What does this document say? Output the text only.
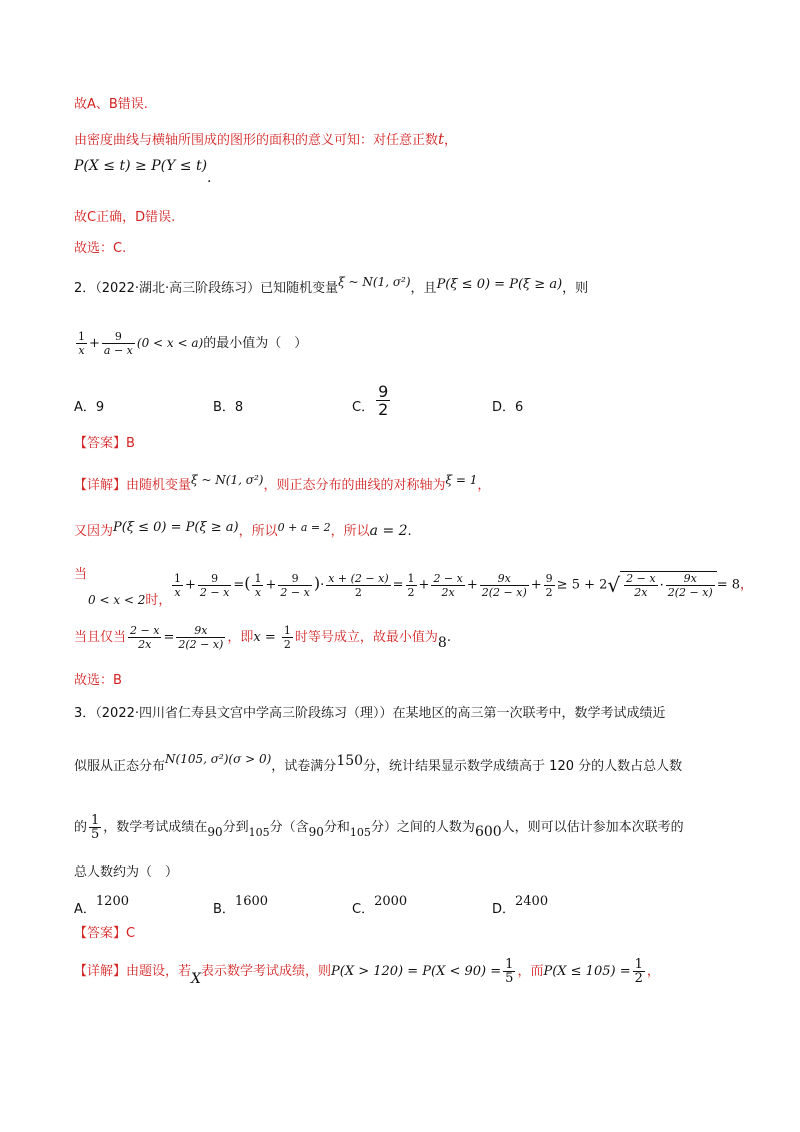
故A、B错误.
由密度曲线与横轴所围成的图形的面积的意义可知：对任意正数t，
P(X ≤ t) ≥ P(Y ≤ t).
故C正确，D错误.
故选：C.
2．（2022·湖北·高三阶段练习）已知随机变量ξ ~ N(1, σ²)，且P(ξ ≤ 0) = P(ξ ≥ a)，则
$\frac{1}{x} + \frac{9}{a - x} (0 < x < a)$的最小值为（　）
A．9	B．8	C． $\frac{9}{2}$	D．6
【答案】B
【详解】由随机变量ξ ~ N(1, σ²)，则正态分布的曲线的对称轴为ξ = 1，
又因为P(ξ ≤ 0) = P(ξ ≥ a)，所以$^{0 + a = 2}$，所以a = 2.
当
0 < x < 2时，
$\frac{1}{x} + \frac{9}{2 - x}$ =( $\frac{1}{x} + \frac{9}{2 - x}$ )· $\frac{x + (2 - x)}{2} = \frac{1}{2} + \frac{2 - x}{2x} + \frac{9x}{2(2 - x)} + \frac{9}{2} \ge 5 + 2√ \frac{2 - x}{2x} \cdot \frac{9x}{2(2 - x)} = 8$，
当且仅当 $\frac{2 - x}{2x} = \frac{9x}{2(2 - x)}$ ，即$x = \frac{1}{2}$ 时等号成立，故最小值为8.
故选：B
3．（2022·四川省仁寿县文宫中学高三阶段练习（理））在某地区的高三第一次联考中，数学考试成绩近
似服从正态分布N(105, σ²)(σ > 0)，试卷满分150分，统计结果显示数学成绩高于 120 分的人数占总人数
的 $\frac{1}{5}$ ，数学考试成绩在90分到$_{105}$分（含90分和$_{105}$分）之间的人数为600人，则可以估计参加本次联考的
总人数约为（　）
A．1200
B．1600
C．2000
D．2400
【答案】C
【详解】由题设，若X表示数学考试成绩，则$P(X > 120) = P(X < 90) = \frac{1}{5}$ ，而$P(X \le 105) = \frac{1}{2}$ ，
